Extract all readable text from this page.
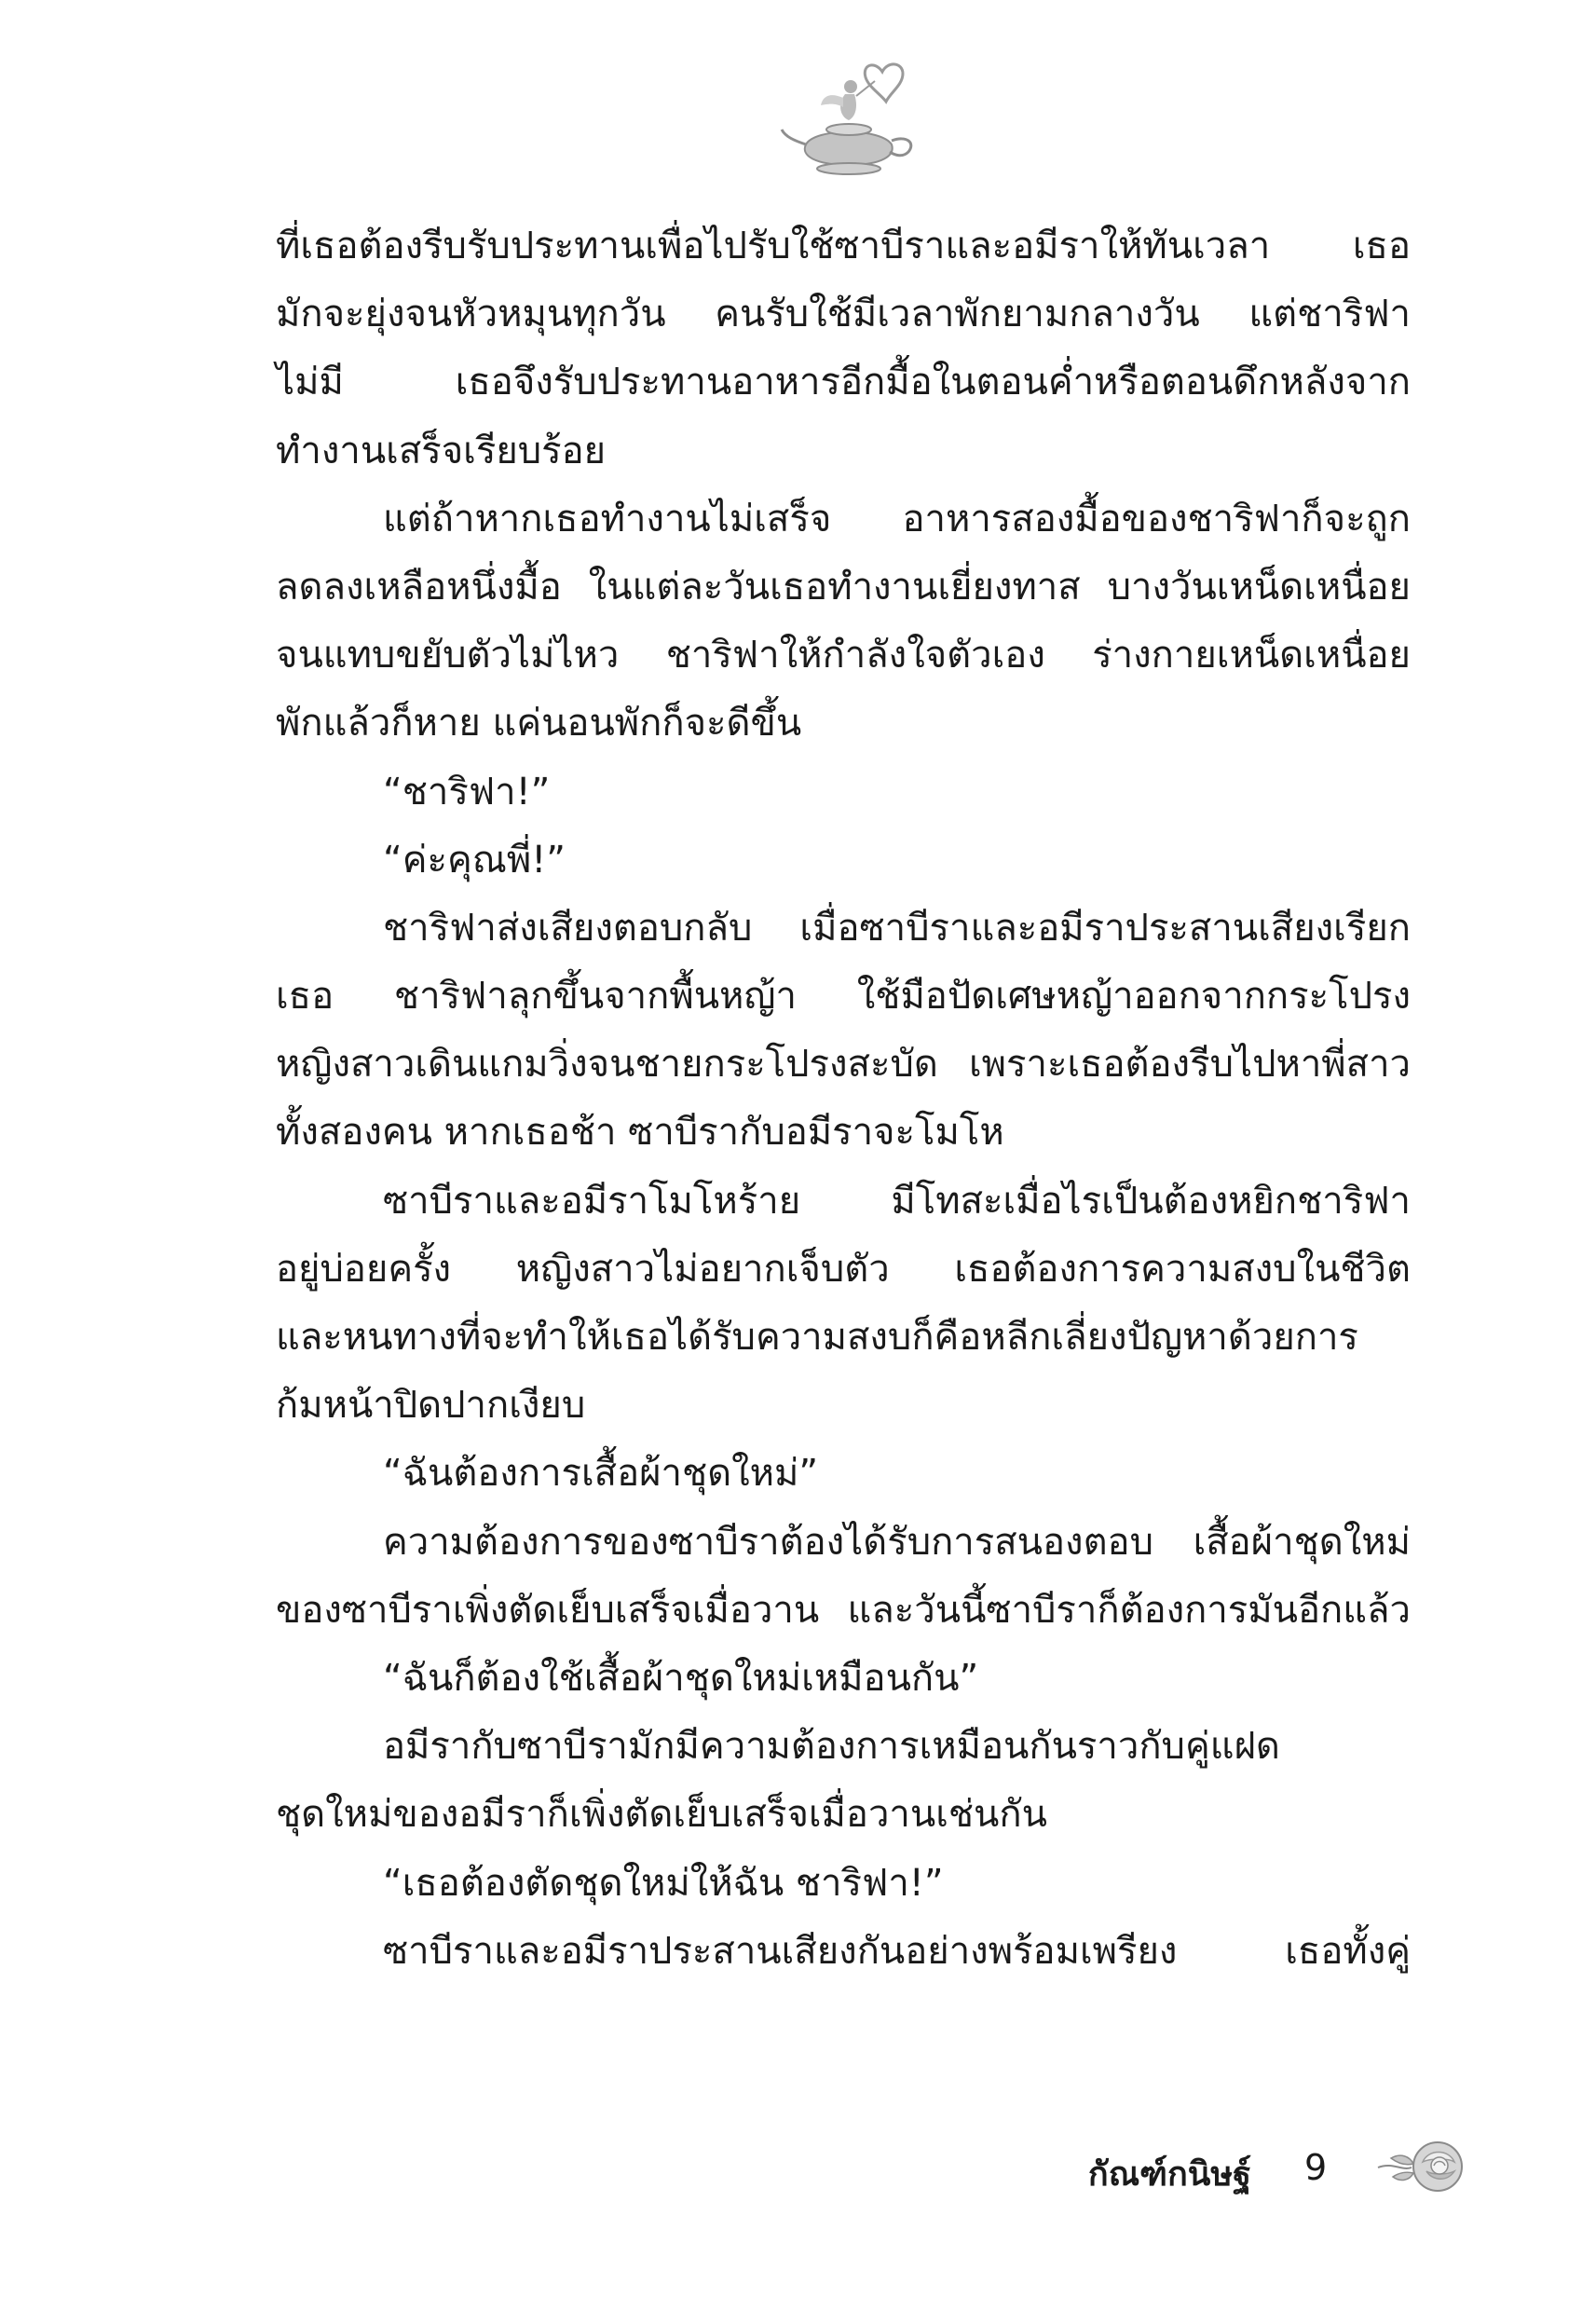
ที่เธอต้องรีบรับประทานเพื่อไปรับใช้ซาบีราและอมีราให้ทันเวลา เธอ
มักจะยุ่งจนหัวหมุนทุกวัน คนรับใช้มีเวลาพักยามกลางวัน แต่ชาริฟา
ไม่มี เธอจึงรับประทานอาหารอีกมื้อในตอนค่ำหรือตอนดึกหลังจาก
ทำงานเสร็จเรียบร้อย
แต่ถ้าหากเธอทำงานไม่เสร็จ อาหารสองมื้อของชาริฟาก็จะถูก
ลดลงเหลือหนึ่งมื้อ ในแต่ละวันเธอทำงานเยี่ยงทาส บางวันเหน็ดเหนื่อย
จนแทบขยับตัวไม่ไหว ชาริฟาให้กำลังใจตัวเอง ร่างกายเหน็ดเหนื่อย
พักแล้วก็หาย แค่นอนพักก็จะดีขึ้น
“ชาริฟา!”
“ค่ะคุณพี่!”
ชาริฟาส่งเสียงตอบกลับ เมื่อซาบีราและอมีราประสานเสียงเรียก
เธอ ชาริฟาลุกขึ้นจากพื้นหญ้า ใช้มือปัดเศษหญ้าออกจากกระโปรง
หญิงสาวเดินแกมวิ่งจนชายกระโปรงสะบัด เพราะเธอต้องรีบไปหาพี่สาว
ทั้งสองคน หากเธอช้า ซาบีรากับอมีราจะโมโห
ซาบีราและอมีราโมโหร้าย มีโทสะเมื่อไรเป็นต้องหยิกชาริฟา
อยู่บ่อยครั้ง หญิงสาวไม่อยากเจ็บตัว เธอต้องการความสงบในชีวิต
และหนทางที่จะทำให้เธอได้รับความสงบก็คือหลีกเลี่ยงปัญหาด้วยการ
ก้มหน้าปิดปากเงียบ
“ฉันต้องการเสื้อผ้าชุดใหม่”
ความต้องการของซาบีราต้องได้รับการสนองตอบ เสื้อผ้าชุดใหม่
ของซาบีราเพิ่งตัดเย็บเสร็จเมื่อวาน และวันนี้ซาบีราก็ต้องการมันอีกแล้ว
“ฉันก็ต้องใช้เสื้อผ้าชุดใหม่เหมือนกัน”
อมีรากับซาบีรามักมีความต้องการเหมือนกันราวกับคู่แฝด
ชุดใหม่ของอมีราก็เพิ่งตัดเย็บเสร็จเมื่อวานเช่นกัน
“เธอต้องตัดชุดใหม่ให้ฉัน ชาริฟา!”
ซาบีราและอมีราประสานเสียงกันอย่างพร้อมเพรียง เธอทั้งคู่
กัณฑ์กนิษฐ์ 9
